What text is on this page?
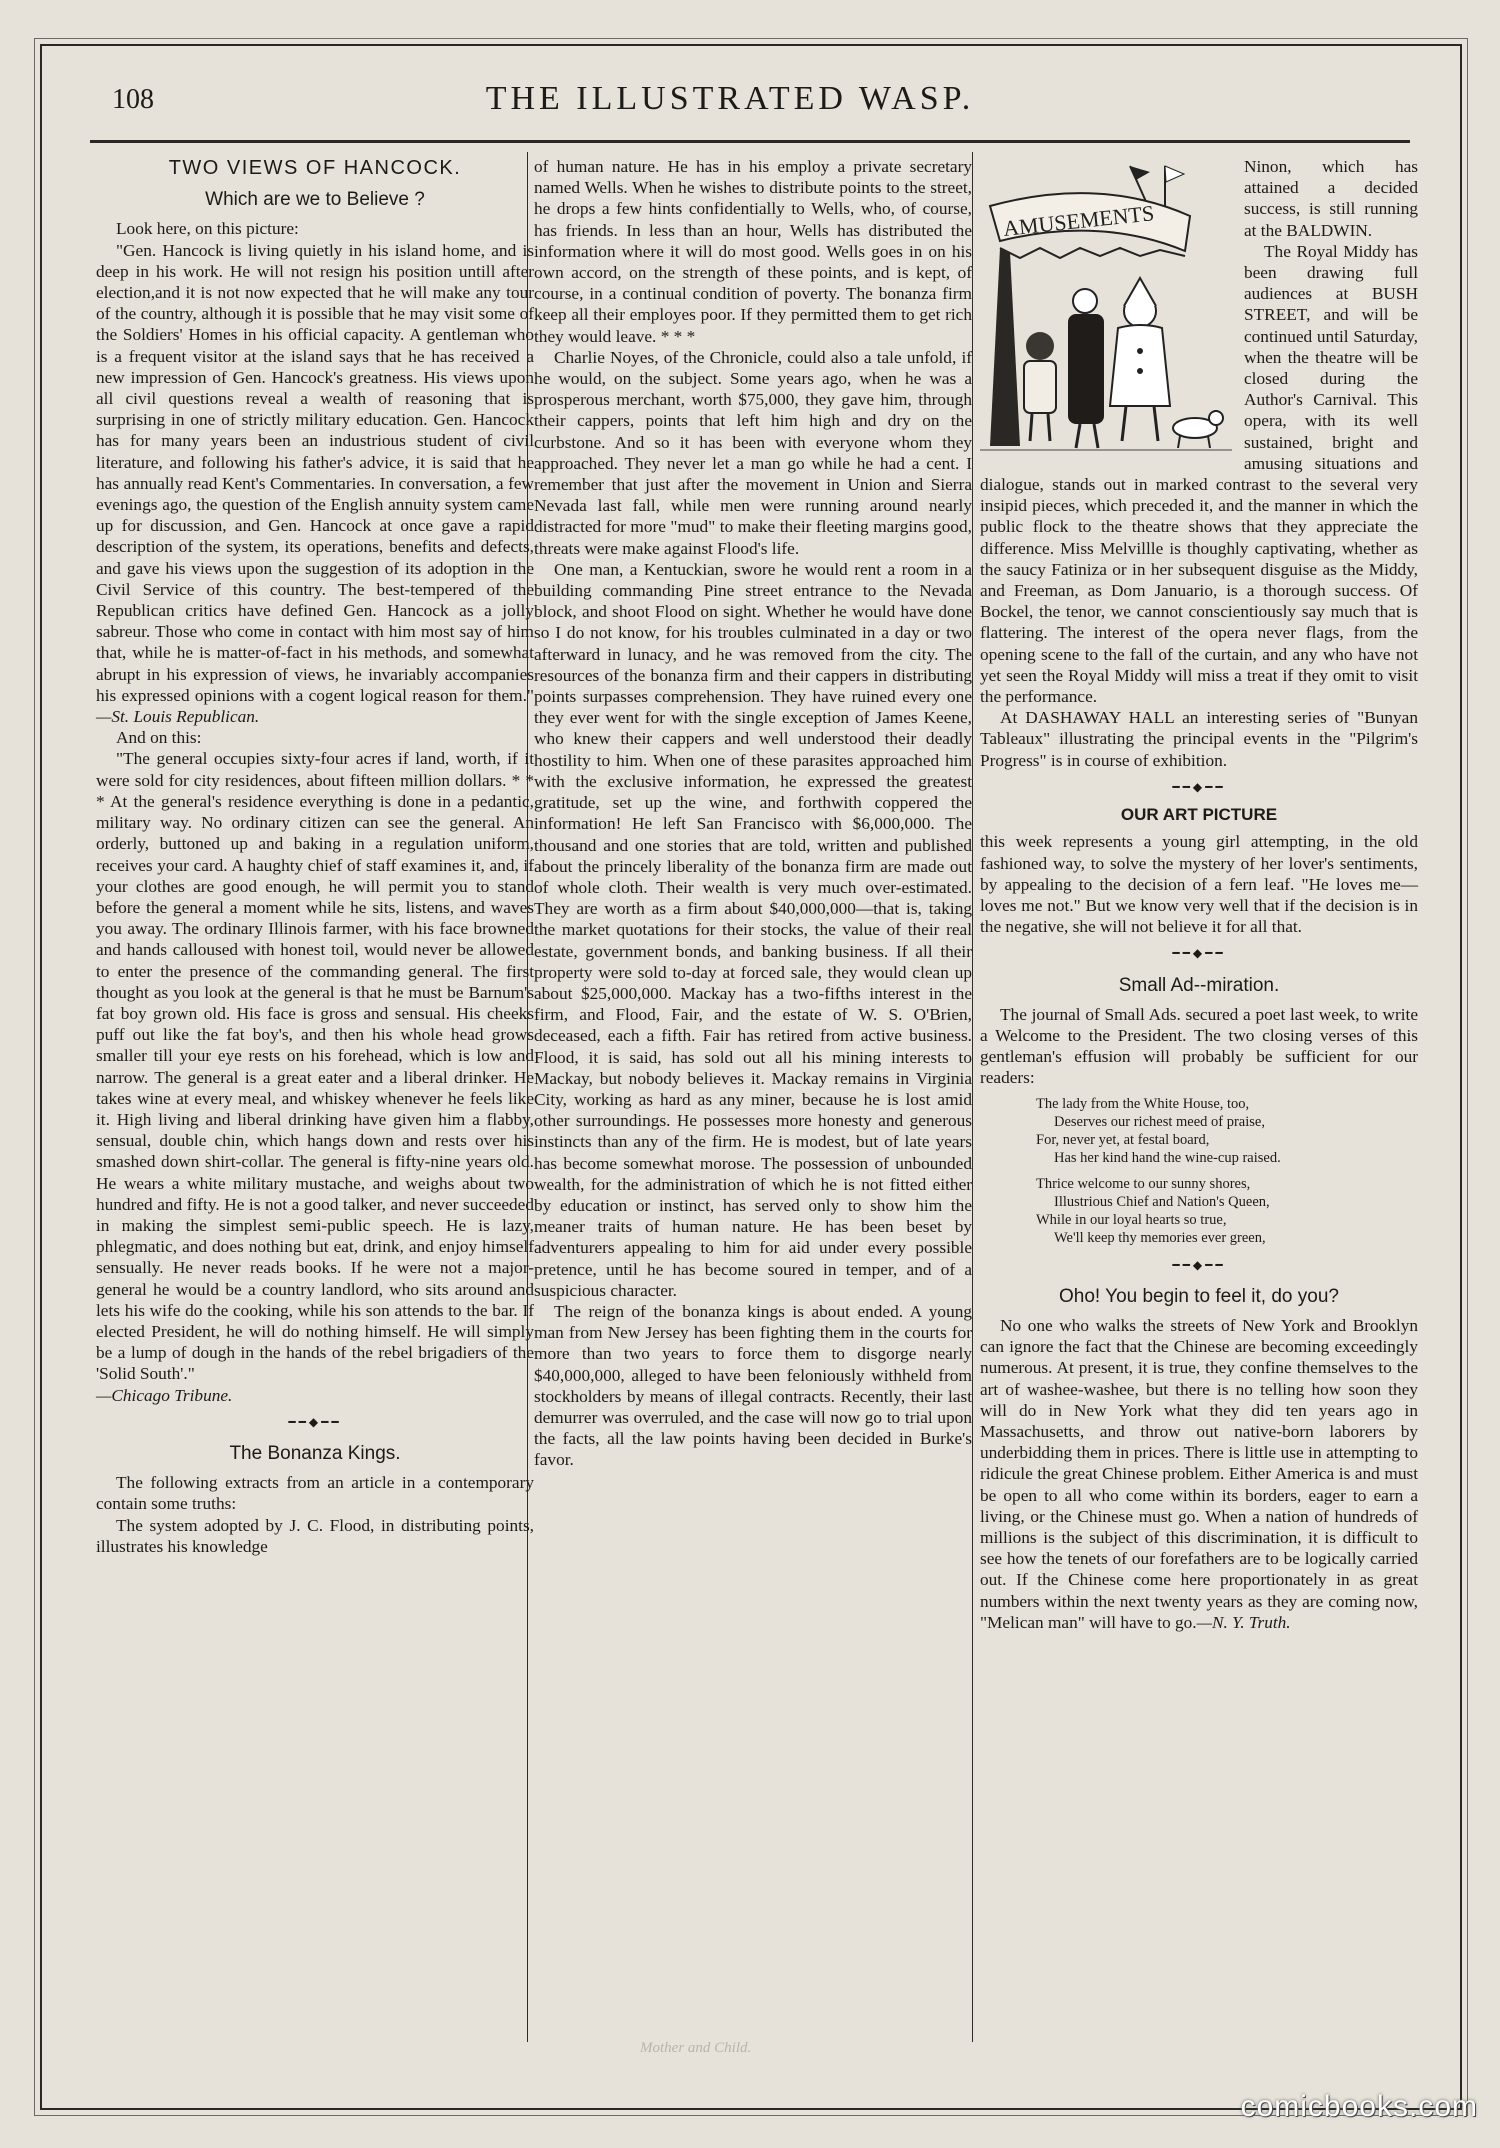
108	THE ILLUSTRATED WASP.

TWO VIEWS OF HANCOCK.

Which are we to Believe ?

Look here, on this picture:

"Gen. Hancock is living quietly in his island home, and is deep in his work. He will not resign his position untill after election,and it is not now expected that he will make any tour of the country, although it is possible that he may visit some of the Soldiers' Homes in his official capacity. A gentleman who is a frequent visitor at the island says that he has received a new impression of Gen. Hancock's greatness. His views upon all civil questions reveal a wealth of reasoning that is surprising in one of strictly military education. Gen. Hancock has for many years been an industrious student of civil literature, and following his father's advice, it is said that he has annually read Kent's Commentaries. In conversation, a few evenings ago, the question of the English annuity system came up for discussion, and Gen. Hancock at once gave a rapid description of the system, its operations, benefits and defects, and gave his views upon the suggestion of its adoption in the Civil Service of this country. The best-tempered of the Republican critics have defined Gen. Hancock as a jolly sabreur. Those who come in contact with him most say of him that, while he is matter-of-fact in his methods, and somewhat abrupt in his expression of views, he invariably accompanies his expressed opinions with a cogent logical reason for them." —St. Louis Republican.

And on this:

"The general occupies sixty-four acres if land, worth, if it were sold for city residences, about fifteen million dollars. * * * At the general's residence everything is done in a pedantic, military way. No ordinary citizen can see the general. An orderly, buttoned up and baking in a regulation uniform, receives your card. A haughty chief of staff examines it, and, if your clothes are good enough, he will permit you to stand before the general a moment while he sits, listens, and waves you away. The ordinary Illinois farmer, with his face browned and hands calloused with honest toil, would never be allowed to enter the presence of the commanding general. The first thought as you look at the general is that he must be Barnum's fat boy grown old. His face is gross and sensual. His cheeks puff out like the fat boy's, and then his whole head grows smaller till your eye rests on his forehead, which is low and narrow. The general is a great eater and a liberal drinker. He takes wine at every meal, and whiskey whenever he feels like it. High living and liberal drinking have given him a flabby, sensual, double chin, which hangs down and rests over his smashed down shirt-collar. The general is fifty-nine years old. He wears a white military mustache, and weighs about two hundred and fifty. He is not a good talker, and never succeeded in making the simplest semi-public speech. He is lazy, phlegmatic, and does nothing but eat, drink, and enjoy himself sensually. He never reads books. If he were not a major-general he would be a country landlord, who sits around and lets his wife do the cooking, while his son attends to the bar. If elected President, he will do nothing himself. He will simply be a lump of dough in the hands of the rebel brigadiers of the 'Solid South'."

—Chicago Tribune.

━━◆━━

The Bonanza Kings.

The following extracts from an article in a contemporary contain some truths:

The system adopted by J. C. Flood, in distributing points, illustrates his knowledge

of human nature. He has in his employ a private secretary named Wells. When he wishes to distribute points to the street, he drops a few hints confidentially to Wells, who, of course, has friends. In less than an hour, Wells has distributed the information where it will do most good. Wells goes in on his own accord, on the strength of these points, and is kept, of course, in a continual condition of poverty. The bonanza firm keep all their employes poor. If they permitted them to get rich they would leave. * * *

Charlie Noyes, of the Chronicle, could also a tale unfold, if he would, on the subject. Some years ago, when he was a prosperous merchant, worth $75,000, they gave him, through their cappers, points that left him high and dry on the curbstone. And so it has been with everyone whom they approached. They never let a man go while he had a cent. I remember that just after the movement in Union and Sierra Nevada last fall, while men were running around nearly distracted for more "mud" to make their fleeting margins good, threats were make against Flood's life.

One man, a Kentuckian, swore he would rent a room in a building commanding Pine street entrance to the Nevada block, and shoot Flood on sight. Whether he would have done so I do not know, for his troubles culminated in a day or two afterward in lunacy, and he was removed from the city. The resources of the bonanza firm and their cappers in distributing points surpasses comprehension. They have ruined every one they ever went for with the single exception of James Keene, who knew their cappers and well understood their deadly hostility to him. When one of these parasites approached him with the exclusive information, he expressed the greatest gratitude, set up the wine, and forthwith coppered the information! He left San Francisco with $6,000,000. The thousand and one stories that are told, written and published about the princely liberality of the bonanza firm are made out of whole cloth. Their wealth is very much over-estimated. They are worth as a firm about $40,000,000—that is, taking the market quotations for their stocks, the value of their real estate, government bonds, and banking business. If all their property were sold to-day at forced sale, they would clean up about $25,000,000. Mackay has a two-fifths interest in the firm, and Flood, Fair, and the estate of W. S. O'Brien, deceased, each a fifth. Fair has retired from active business. Flood, it is said, has sold out all his mining interests to Mackay, but nobody believes it. Mackay remains in Virginia City, working as hard as any miner, because he is lost amid other surroundings. He possesses more honesty and generous instincts than any of the firm. He is modest, but of late years has become somewhat morose. The possession of unbounded wealth, for the administration of which he is not fitted either by education or instinct, has served only to show him the meaner traits of human nature. He has been beset by adventurers appealing to him for aid under every possible pretence, until he has become soured in temper, and of a suspicious character.

The reign of the bonanza kings is about ended. A young man from New Jersey has been fighting them in the courts for more than two years to force them to disgorge nearly $40,000,000, alleged to have been feloniously withheld from stockholders by means of illegal contracts. Recently, their last demurrer was overruled, and the case will now go to trial upon the facts, all the law points having been decided in Burke's favor.

AMUSEMENTS

Ninon, which has attained a decided success, is still running at the BALDWIN.

The Royal Middy has been drawing full audiences at BUSH STREET, and will be continued until Saturday, when the theatre will be closed during the Author's Carnival. This opera, with its well sustained, bright and amusing situations and dialogue, stands out in marked contrast to the several very insipid pieces, which preceded it, and the manner in which the public flock to the theatre shows that they appreciate the difference. Miss Melvillle is thoughly captivating, whether as the saucy Fatiniza or in her subsequent disguise as the Middy, and Freeman, as Dom Januario, is a thorough success. Of Bockel, the tenor, we cannot conscientiously say much that is flattering. The interest of the opera never flags, from the opening scene to the fall of the curtain, and any who have not yet seen the Royal Middy will miss a treat if they omit to visit the performance.

At DASHAWAY HALL an interesting series of "Bunyan Tableaux" illustrating the principal events in the "Pilgrim's Progress" is in course of exhibition.

━━◆━━

OUR ART PICTURE

this week represents a young girl attempting, in the old fashioned way, to solve the mystery of her lover's sentiments, by appealing to the decision of a fern leaf. "He loves me—loves me not." But we know very well that if the decision is in the negative, she will not believe it for all that.

━━◆━━

Small Ad--miration.

The journal of Small Ads. secured a poet last week, to write a Welcome to the President. The two closing verses of this gentleman's effusion will probably be sufficient for our readers:

The lady from the White House, too,
Deserves our richest meed of praise,
For, never yet, at festal board,
Has her kind hand the wine-cup raised.
Thrice welcome to our sunny shores,
Illustrious Chief and Nation's Queen,
While in our loyal hearts so true,
We'll keep thy memories ever green,
━━◆━━

Oho! You begin to feel it, do you?

No one who walks the streets of New York and Brooklyn can ignore the fact that the Chinese are becoming exceedingly numerous. At present, it is true, they confine themselves to the art of washee-washee, but there is no telling how soon they will do in New York what they did ten years ago in Massachusetts, and throw out native-born laborers by underbidding them in prices. There is little use in attempting to ridicule the great Chinese problem. Either America is and must be open to all who come within its borders, eager to earn a living, or the Chinese must go. When a nation of hundreds of millions is the subject of this discrimination, it is difficult to see how the tenets of our forefathers are to be logically carried out. If the Chinese come here proportionately in as great numbers within the next twenty years as they are coming now, "Melican man" will have to go.—N. Y. Truth.

Mother and Child.
comicbooks.com
